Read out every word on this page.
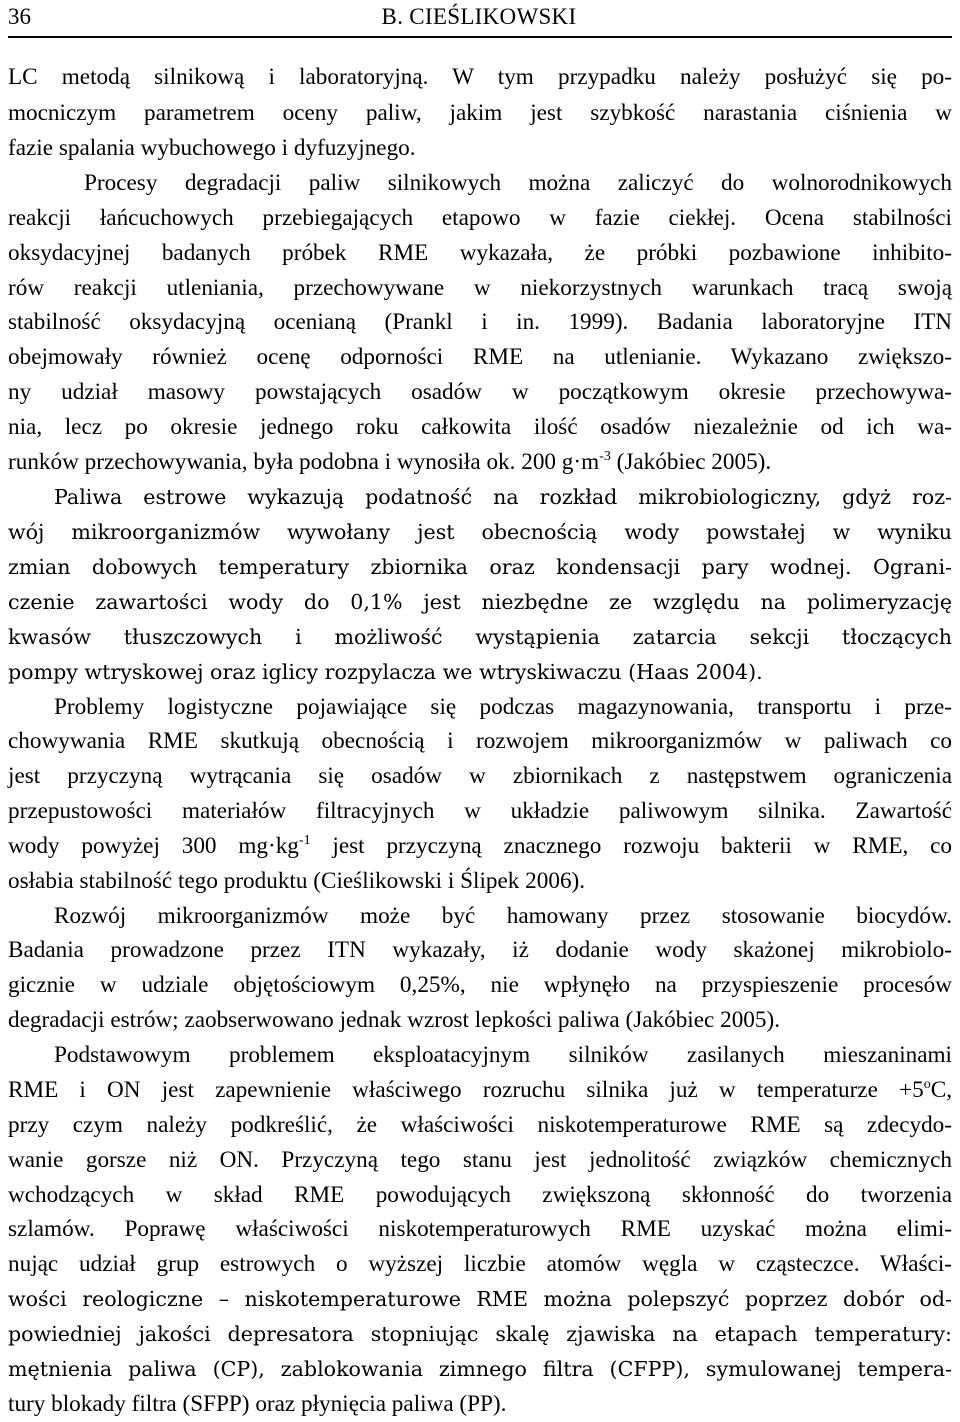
36	B. CIEŚLIKOWSKI
LC metodą silnikową i laboratoryjną. W tym przypadku należy posłużyć się po-
mocniczym parametrem oceny paliw, jakim jest szybkość narastania ciśnienia w
fazie spalania wybuchowego i dyfuzyjnego.
Procesy degradacji paliw silnikowych można zaliczyć do wolnorodnikowych
reakcji łańcuchowych przebiegających etapowo w fazie ciekłej. Ocena stabilności
oksydacyjnej badanych próbek RME wykazała, że próbki pozbawione inhibito-
rów reakcji utleniania, przechowywane w niekorzystnych warunkach tracą swoją
stabilność oksydacyjną ocenianą (Prankl i in. 1999). Badania laboratoryjne ITN
obejmowały również ocenę odporności RME na utlenianie. Wykazano zwiększo-
ny udział masowy powstających osadów w początkowym okresie przechowywa-
nia, lecz po okresie jednego roku całkowita ilość osadów niezależnie od ich wa-
runków przechowywania, była podobna i wynosiła ok. 200 $g\cdot m^{-3}$ (Jakóbiec 2005).
Paliwa estrowe wykazują podatność na rozkład mikrobiologiczny, gdyż roz-
wój mikroorganizmów wywołany jest obecnością wody powstałej w wyniku
zmian dobowych temperatury zbiornika oraz kondensacji pary wodnej. Ograni-
czenie zawartości wody do 0,1% jest niezbędne ze względu na polimeryzację
kwasów tłuszczowych i możliwość wystąpienia zatarcia sekcji tłoczących
pompy wtryskowej oraz iglicy rozpylacza we wtryskiwaczu (Haas 2004).
Problemy logistyczne pojawiające się podczas magazynowania, transportu i prze-
chowywania RME skutkują obecnością i rozwojem mikroorganizmów w paliwach co
jest przyczyną wytrącania się osadów w zbiornikach z następstwem ograniczenia
przepustowości materiałów filtracyjnych w układzie paliwowym silnika. Zawartość
wody powyżej 300 $mg\cdot kg^{-1}$ jest przyczyną znacznego rozwoju bakterii w RME, co
osłabia stabilność tego produktu (Cieślikowski i Ślipek 2006).
Rozwój mikroorganizmów może być hamowany przez stosowanie biocydów.
Badania prowadzone przez ITN wykazały, iż dodanie wody skażonej mikrobiolo-
gicznie w udziale objętościowym 0,25%, nie wpłynęło na przyspieszenie procesów
degradacji estrów; zaobserwowano jednak wzrost lepkości paliwa (Jakóbiec 2005).
Podstawowym problemem eksploatacyjnym silników zasilanych mieszaninami
RME i ON jest zapewnienie właściwego rozruchu silnika już w temperaturze $+5^oC$,
przy czym należy podkreślić, że właściwości niskotemperaturowe RME są zdecydo-
wanie gorsze niż ON. Przyczyną tego stanu jest jednolitość związków chemicznych
wchodzących w skład RME powodujących zwiększoną skłonność do tworzenia
szlamów. Poprawę właściwości niskotemperaturowych RME uzyskać można elimi-
nując udział grup estrowych o wyższej liczbie atomów węgla w cząsteczce. Właści-
wości reologiczne – niskotemperaturowe RME można polepszyć poprzez dobór od-
powiedniej jakości depresatora stopniując skalę zjawiska na etapach temperatury:
mętnienia paliwa (CP), zablokowania zimnego filtra (CFPP), symulowanej tempera-
tury blokady filtra (SFPP) oraz płynięcia paliwa (PP).
